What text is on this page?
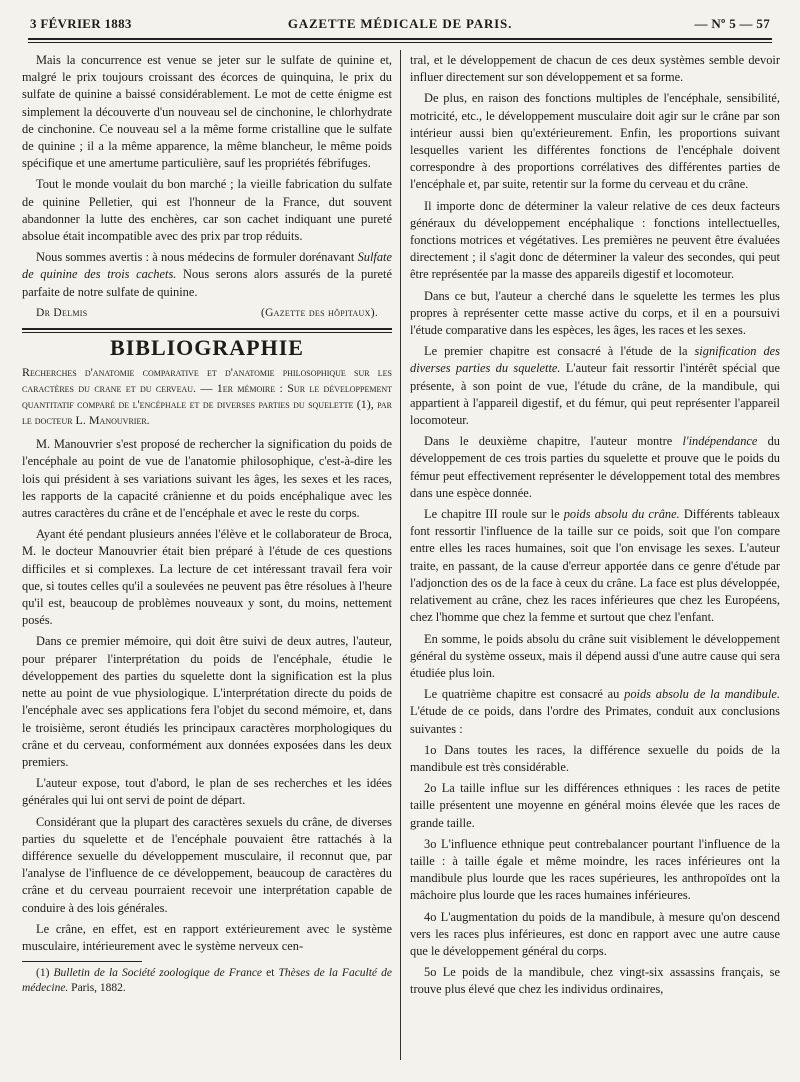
3 FÉVRIER 1883	GAZETTE MÉDICALE DE PARIS.	— Nº 5 — 57

Mais la concurrence est venue se jeter sur le sulfate de quinine et, malgré le prix toujours croissant des écorces de quinquina, le prix du sulfate de quinine a baissé considérablement. Le mot de cette énigme est simplement la découverte d'un nouveau sel de cinchonine, le chlorhydrate de cinchonine. Ce nouveau sel a la même forme cristalline que le sulfate de quinine ; il a la même apparence, la même blancheur, le même poids spécifique et une amertume particulière, sauf les propriétés fébrifuges.

Tout le monde voulait du bon marché ; la vieille fabrication du sulfate de quinine Pelletier, qui est l'honneur de la France, dut souvent abandonner la lutte des enchères, car son cachet indiquant une pureté absolue était incompatible avec des prix par trop réduits.

Nous sommes avertis : à nous médecins de formuler dorénavant Sulfate de quinine des trois cachets. Nous serons alors assurés de la pureté parfaite de notre sulfate de quinine.

Dr Delmis	(Gazette des hôpitaux).
BIBLIOGRAPHIE

Recherches d'anatomie comparative et d'anatomie philosophique sur les caractères du crane et du cerveau. — 1er mémoire : Sur le développement quantitatif comparé de l'encéphale et de diverses parties du squelette (1), par le docteur L. Manouvrier.

M. Manouvrier s'est proposé de rechercher la signification du poids de l'encéphale au point de vue de l'anatomie philosophique, c'est-à-dire les lois qui président à ses variations suivant les âges, les sexes et les races, les rapports de la capacité crânienne et du poids encéphalique avec les autres caractères du crâne et de l'encéphale et avec le reste du corps.

Ayant été pendant plusieurs années l'élève et le collaborateur de Broca, M. le docteur Manouvrier était bien préparé à l'étude de ces questions difficiles et si complexes. La lecture de cet intéressant travail fera voir que, si toutes celles qu'il a soulevées ne peuvent pas être résolues à l'heure qu'il est, beaucoup de problèmes nouveaux y sont, du moins, nettement posés.

Dans ce premier mémoire, qui doit être suivi de deux autres, l'auteur, pour préparer l'interprétation du poids de l'encéphale, étudie le développement des parties du squelette dont la signification est la plus nette au point de vue physiologique. L'interprétation directe du poids de l'encéphale avec ses applications fera l'objet du second mémoire, et, dans le troisième, seront étudiés les principaux caractères morphologiques du crâne et du cerveau, conformément aux données exposées dans les deux premiers.

L'auteur expose, tout d'abord, le plan de ses recherches et les idées générales qui lui ont servi de point de départ.

Considérant que la plupart des caractères sexuels du crâne, de diverses parties du squelette et de l'encéphale pouvaient être rattachés à la différence sexuelle du développement musculaire, il reconnut que, par l'analyse de l'influence de ce développement, beaucoup de caractères du crâne et du cerveau pourraient recevoir une interprétation capable de conduire à des lois générales.

Le crâne, en effet, est en rapport extérieurement avec le système musculaire, intérieurement avec le système nerveux cen-

(1) Bulletin de la Société zoologique de France et Thèses de la Faculté de médecine. Paris, 1882.

tral, et le développement de chacun de ces deux systèmes semble devoir influer directement sur son développement et sa forme.

De plus, en raison des fonctions multiples de l'encéphale, sensibilité, motricité, etc., le développement musculaire doit agir sur le crâne par son intérieur aussi bien qu'extérieurement. Enfin, les proportions suivant lesquelles varient les différentes fonctions de l'encéphale doivent correspondre à des proportions corrélatives des différentes parties de l'encéphale et, par suite, retentir sur la forme du cerveau et du crâne.

Il importe donc de déterminer la valeur relative de ces deux facteurs généraux du développement encéphalique : fonctions intellectuelles, fonctions motrices et végétatives. Les premières ne peuvent être évaluées directement ; il s'agit donc de déterminer la valeur des secondes, qui peut être représentée par la masse des appareils digestif et locomoteur.

Dans ce but, l'auteur a cherché dans le squelette les termes les plus propres à représenter cette masse active du corps, et il en a poursuivi l'étude comparative dans les espèces, les âges, les races et les sexes.

Le premier chapitre est consacré à l'étude de la signification des diverses parties du squelette. L'auteur fait ressortir l'intérêt spécial que présente, à son point de vue, l'étude du crâne, de la mandibule, qui appartient à l'appareil digestif, et du fémur, qui peut représenter l'appareil locomoteur.

Dans le deuxième chapitre, l'auteur montre l'indépendance du développement de ces trois parties du squelette et prouve que le poids du fémur peut effectivement représenter le développement total des membres dans une espèce donnée.

Le chapitre III roule sur le poids absolu du crâne. Différents tableaux font ressortir l'influence de la taille sur ce poids, soit que l'on compare entre elles les races humaines, soit que l'on envisage les sexes. L'auteur traite, en passant, de la cause d'erreur apportée dans ce genre d'étude par l'adjonction des os de la face à ceux du crâne. La face est plus développée, relativement au crâne, chez les races inférieures que chez les Européens, chez l'homme que chez la femme et surtout que chez l'enfant.

En somme, le poids absolu du crâne suit visiblement le développement général du système osseux, mais il dépend aussi d'une autre cause qui sera étudiée plus loin.

Le quatrième chapitre est consacré au poids absolu de la mandibule. L'étude de ce poids, dans l'ordre des Primates, conduit aux conclusions suivantes :

1o Dans toutes les races, la différence sexuelle du poids de la mandibule est très considérable.

2o La taille influe sur les différences ethniques : les races de petite taille présentent une moyenne en général moins élevée que les races de grande taille.

3o L'influence ethnique peut contrebalancer pourtant l'influence de la taille : à taille égale et même moindre, les races inférieures ont la mandibule plus lourde que les races supérieures, les anthropoïdes ont la mâchoire plus lourde que les races humaines inférieures.

4o L'augmentation du poids de la mandibule, à mesure qu'on descend vers les races plus inférieures, est donc en rapport avec une autre cause que le développement général du corps.

5o Le poids de la mandibule, chez vingt-six assassins français, se trouve plus élevé que chez les individus ordinaires,
